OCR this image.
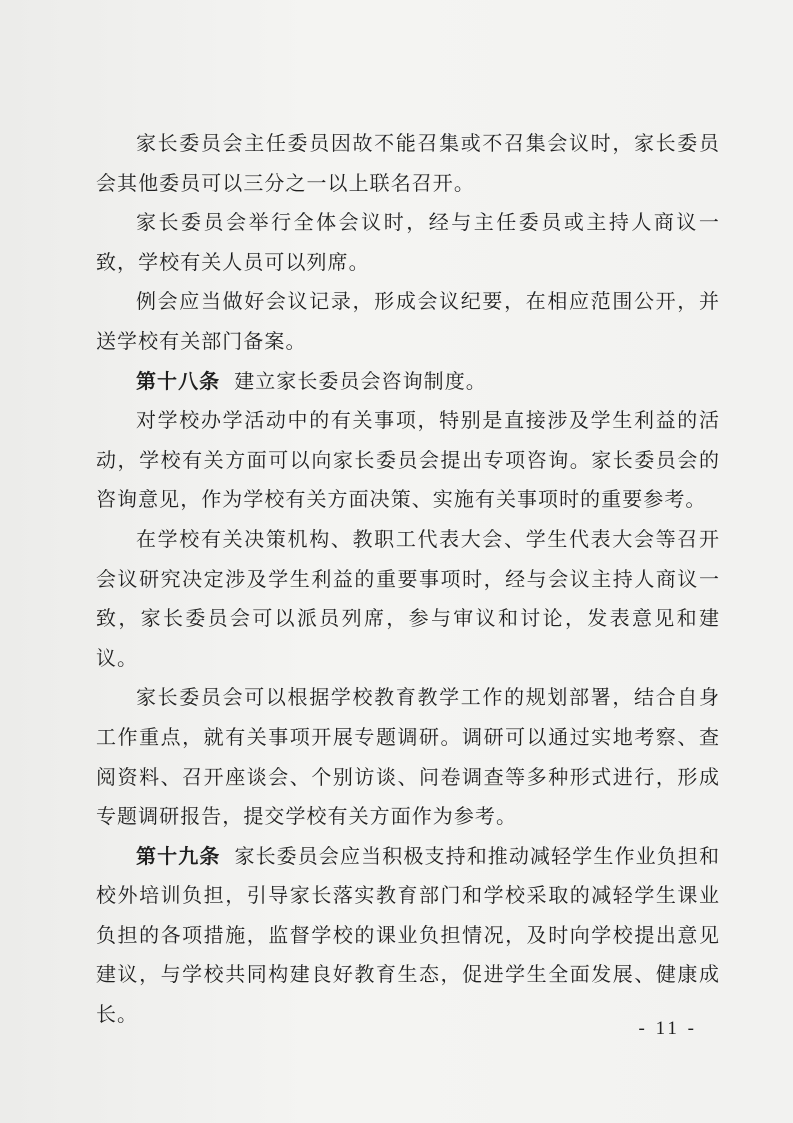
家长委员会主任委员因故不能召集或不召集会议时，家长委员会其他委员可以三分之一以上联名召开。

家长委员会举行全体会议时，经与主任委员或主持人商议一致，学校有关人员可以列席。

例会应当做好会议记录，形成会议纪要，在相应范围公开，并送学校有关部门备案。

第十八条 建立家长委员会咨询制度。

对学校办学活动中的有关事项，特别是直接涉及学生利益的活动，学校有关方面可以向家长委员会提出专项咨询。家长委员会的咨询意见，作为学校有关方面决策、实施有关事项时的重要参考。

在学校有关决策机构、教职工代表大会、学生代表大会等召开会议研究决定涉及学生利益的重要事项时，经与会议主持人商议一致，家长委员会可以派员列席，参与审议和讨论，发表意见和建议。

家长委员会可以根据学校教育教学工作的规划部署，结合自身工作重点，就有关事项开展专题调研。调研可以通过实地考察、查阅资料、召开座谈会、个别访谈、问卷调查等多种形式进行，形成专题调研报告，提交学校有关方面作为参考。

第十九条 家长委员会应当积极支持和推动减轻学生作业负担和校外培训负担，引导家长落实教育部门和学校采取的减轻学生课业负担的各项措施，监督学校的课业负担情况，及时向学校提出意见建议，与学校共同构建良好教育生态，促进学生全面发展、健康成长。

- 11 -
